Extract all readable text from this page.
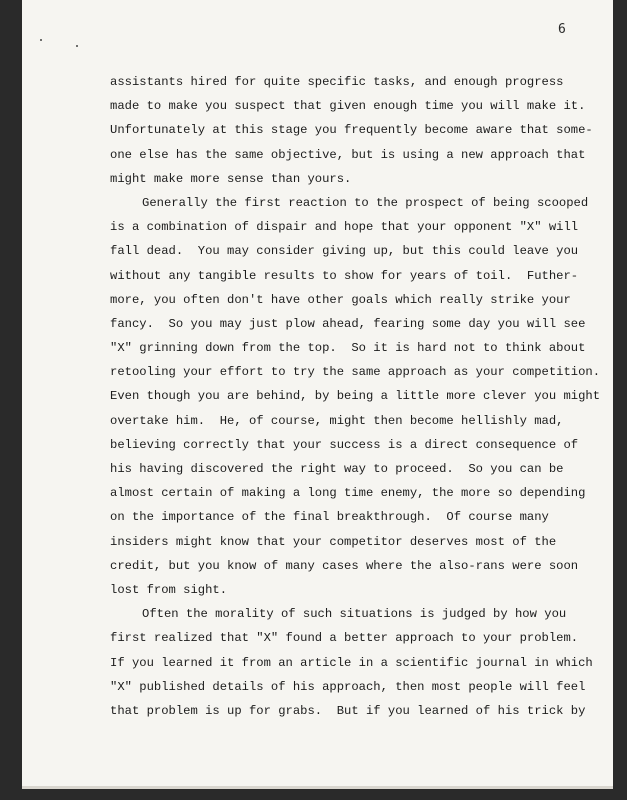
6
assistants hired for quite specific tasks, and enough progress
made to make you suspect that given enough time you will make it.
Unfortunately at this stage you frequently become aware that some-
one else has the same objective, but is using a new approach that
might make more sense than yours.
Generally the first reaction to the prospect of being scooped
is a combination of dispair and hope that your opponent "X" will
fall dead.  You may consider giving up, but this could leave you
without any tangible results to show for years of toil.  Futher-
more, you often don't have other goals which really strike your
fancy.  So you may just plow ahead, fearing some day you will see
"X" grinning down from the top.  So it is hard not to think about
retooling your effort to try the same approach as your competition.
Even though you are behind, by being a little more clever you might
overtake him.  He, of course, might then become hellishly mad,
believing correctly that your success is a direct consequence of
his having discovered the right way to proceed.  So you can be
almost certain of making a long time enemy, the more so depending
on the importance of the final breakthrough.  Of course many
insiders might know that your competitor deserves most of the
credit, but you know of many cases where the also-rans were soon
lost from sight.
Often the morality of such situations is judged by how you
first realized that "X" found a better approach to your problem.
If you learned it from an article in a scientific journal in which
"X" published details of his approach, then most people will feel
that problem is up for grabs.  But if you learned of his trick by
